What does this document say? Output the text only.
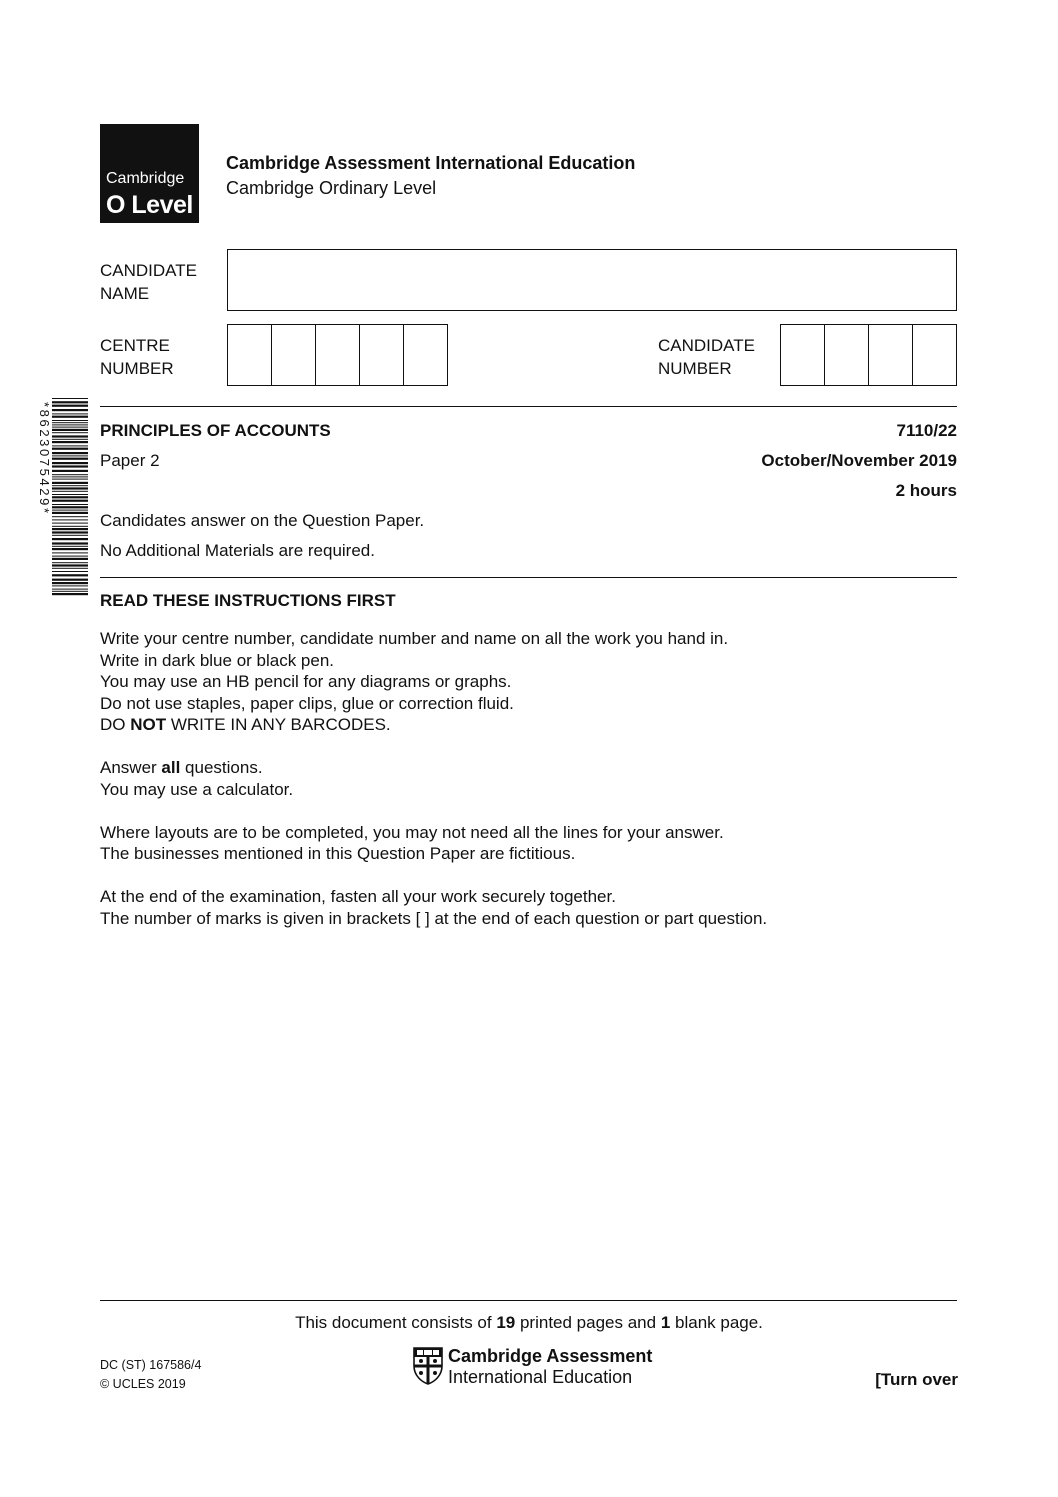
Cambridge
O Level
Cambridge Assessment International Education
Cambridge Ordinary Level
CANDIDATE
NAME
CENTRE
NUMBER
CANDIDATE
NUMBER
*8623075429*	PRINCIPLES OF ACCOUNTS	7110/22
Paper 2	October/November 2019
2 hours
Candidates answer on the Question Paper.
No Additional Materials are required.
READ THESE INSTRUCTIONS FIRST

Write your centre number, candidate number and name on all the work you hand in.
Write in dark blue or black pen.
You may use an HB pencil for any diagrams or graphs.
Do not use staples, paper clips, glue or correction fluid.
DO NOT WRITE IN ANY BARCODES.

Answer all questions.
You may use a calculator.

Where layouts are to be completed, you may not need all the lines for your answer.
The businesses mentioned in this Question Paper are fictitious.

At the end of the examination, fasten all your work securely together.
The number of marks is given in brackets [ ] at the end of each question or part question.

This document consists of 19 printed pages and 1 blank page.
DC (ST) 167586/4
© UCLES 2019
Cambridge Assessment
International Education	[Turn over
